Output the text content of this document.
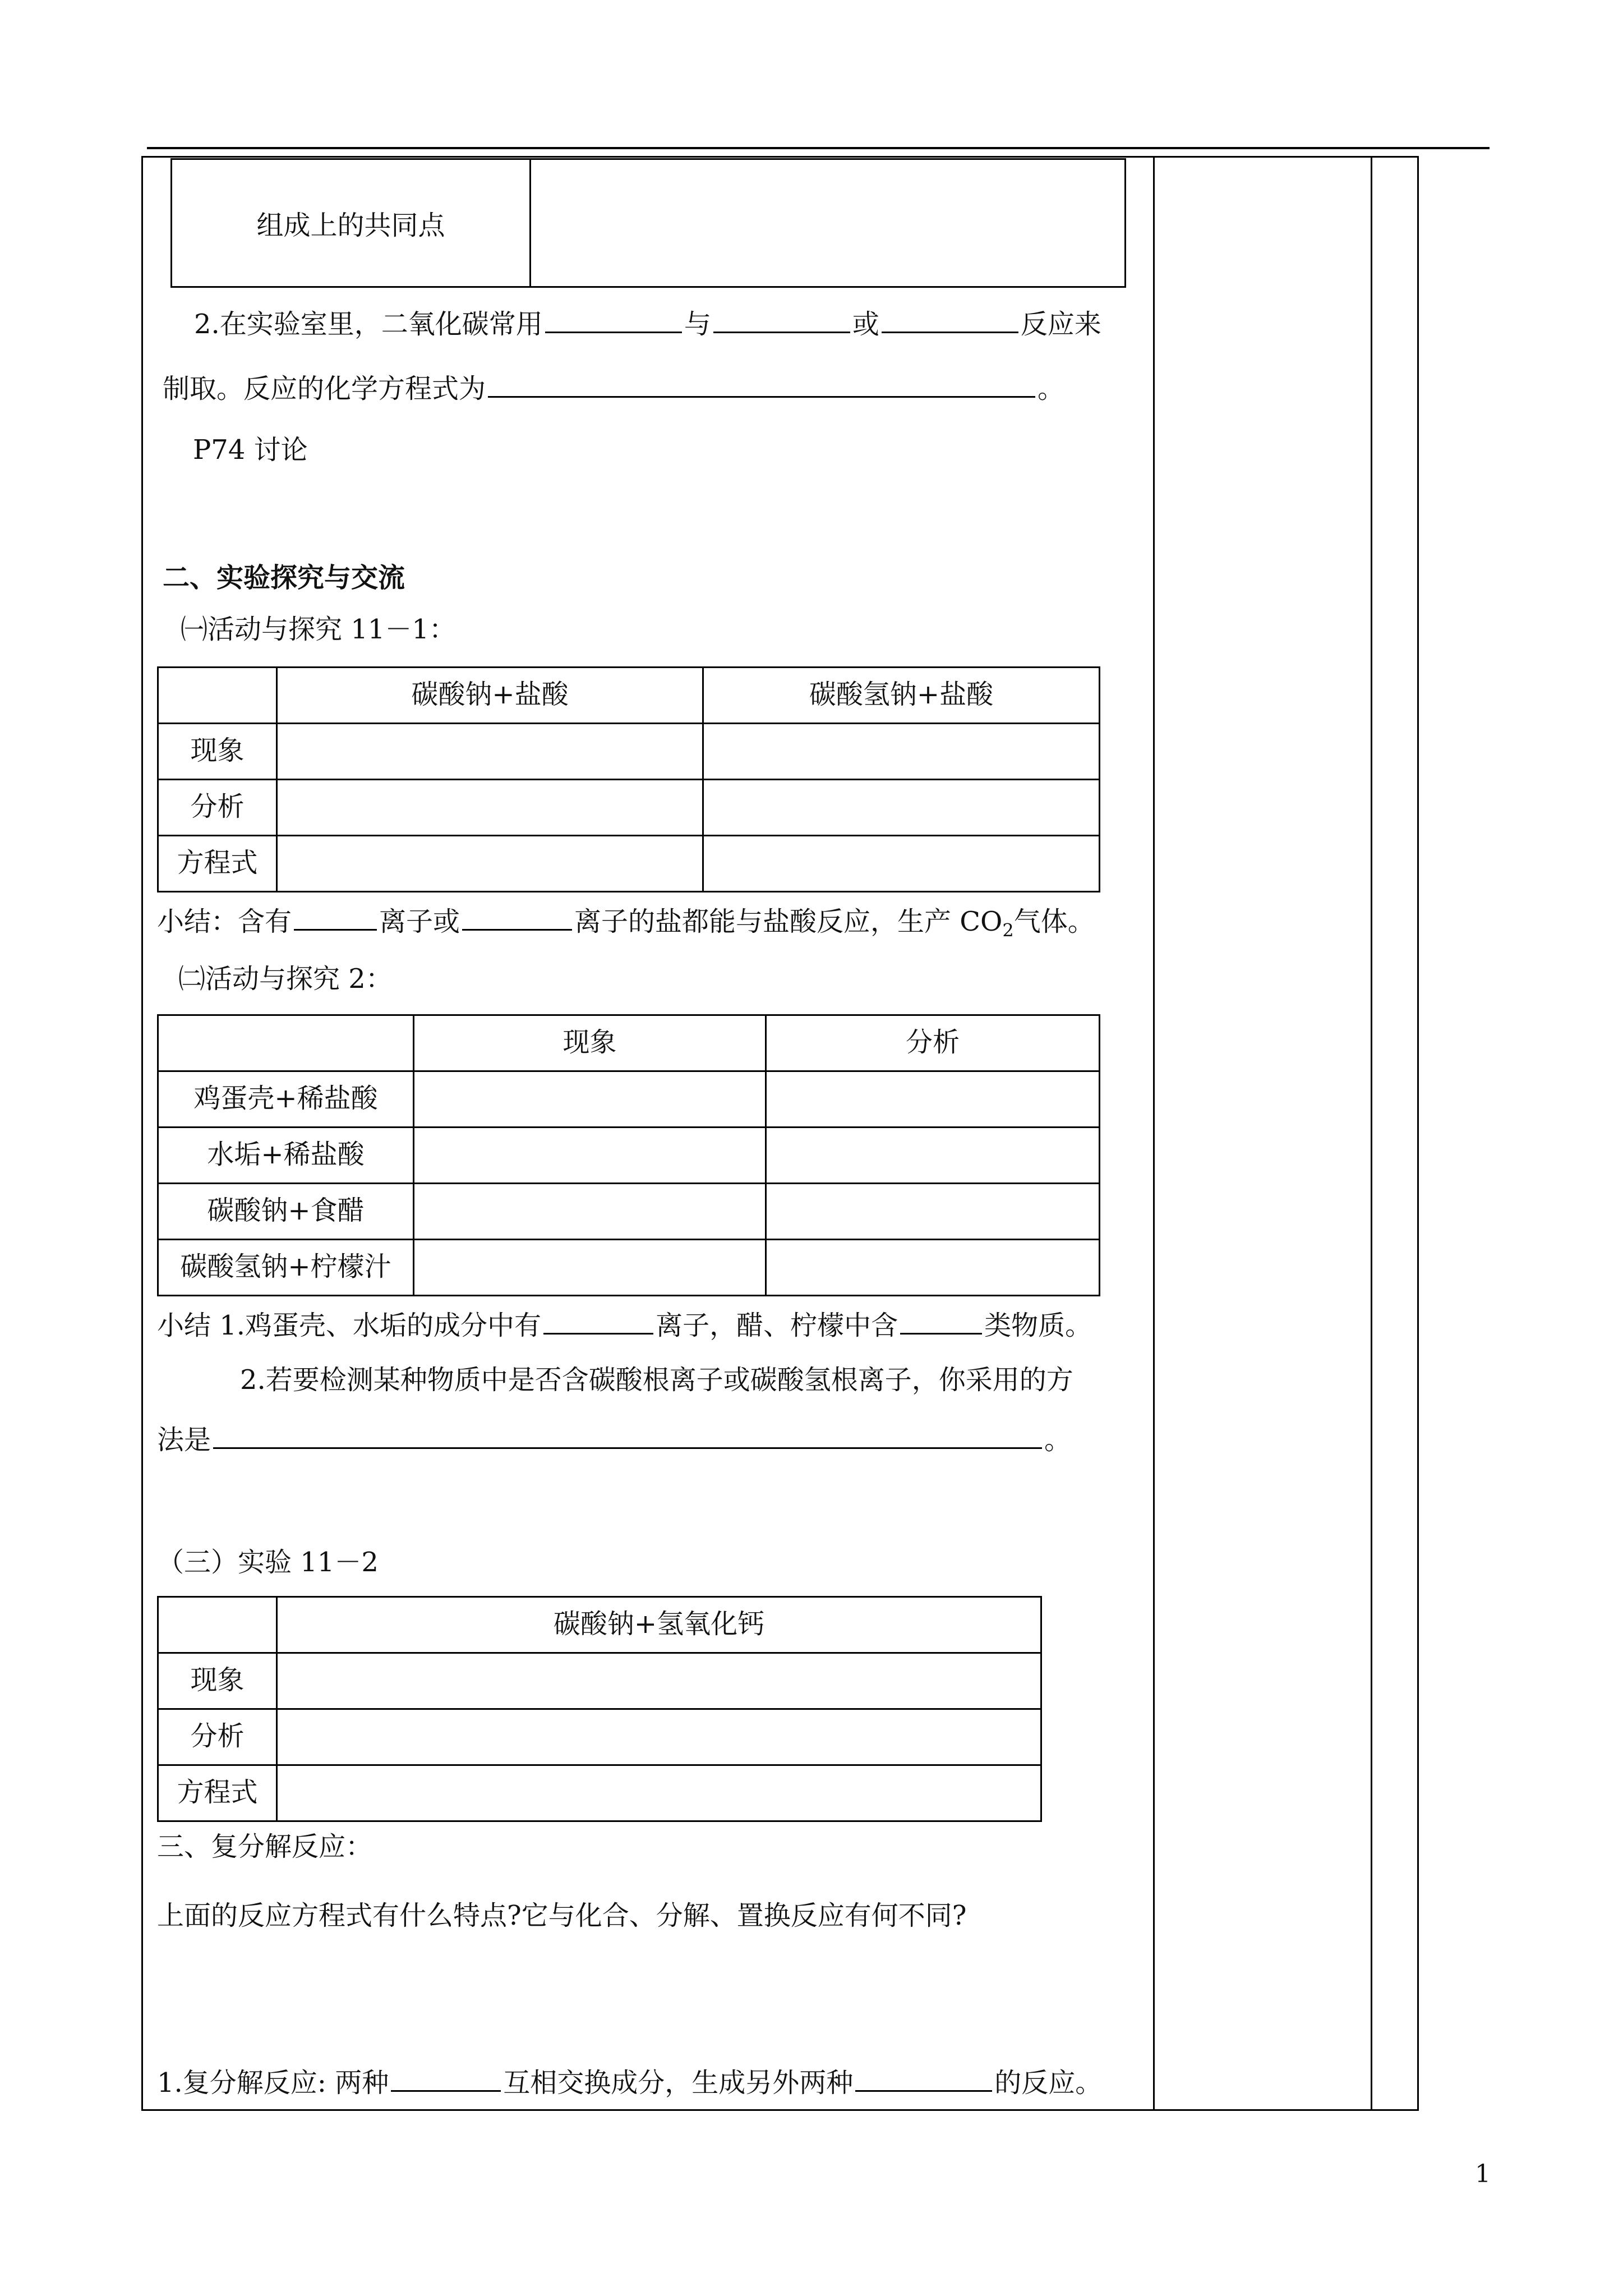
组成上的共同点	
2.在实验室里，二氧化碳常用	与	或	反应来
制取。反应的化学方程式为	。
P74 讨论
二、实验探究与交流
㈠活动与探究 11－1：
	碳酸钠+盐酸	碳酸氢钠+盐酸
现象		
分析		
方程式		
小结：含有	离子或	离子的盐都能与盐酸反应，生产 $CO_2$气体。
㈡活动与探究 2：
	现象	分析
鸡蛋壳+稀盐酸		
水垢+稀盐酸		
碳酸钠+食醋		
碳酸氢钠+柠檬汁		
小结 1.鸡蛋壳、水垢的成分中有	离子，醋、柠檬中含	类物质。
2.若要检测某种物质中是否含碳酸根离子或碳酸氢根离子，你采用的方
法是	。
（三）实验 11－2
	碳酸钠+氢氧化钙
现象	
分析	
方程式	
三、复分解反应：
上面的反应方程式有什么特点?它与化合、分解、置换反应有何不同?
1.复分解反应: 两种	互相交换成分，生成另外两种	的反应。
1
